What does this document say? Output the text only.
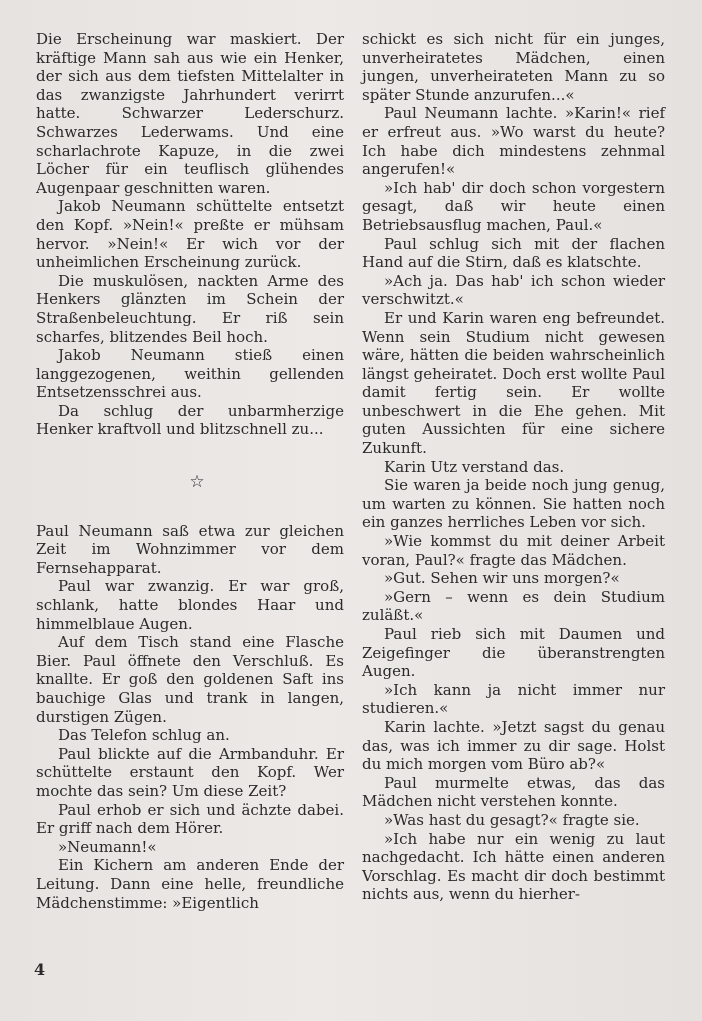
Die Erscheinung war maskiert. Der kräftige Mann sah aus wie ein Henker, der sich aus dem tiefsten Mittelalter in das zwanzigste Jahrhundert verirrt hatte. Schwarzer Lederschurz. Schwarzes Lederwams. Und eine scharlachrote Kapuze, in die zwei Löcher für ein teuflisch glühendes Augenpaar geschnitten waren.

Jakob Neumann schüttelte entsetzt den Kopf. »Nein!« preßte er mühsam hervor. »Nein!« Er wich vor der unheimlichen Erscheinung zurück.

Die muskulösen, nackten Arme des Henkers glänzten im Schein der Straßenbeleuchtung. Er riß sein scharfes, blitzendes Beil hoch.

Jakob Neumann stieß einen langgezogenen, weithin gellenden Entsetzensschrei aus.

Da schlug der unbarmherzige Henker kraftvoll und blitzschnell zu...

☆

Paul Neumann saß etwa zur gleichen Zeit im Wohnzimmer vor dem Fernsehapparat.

Paul war zwanzig. Er war groß, schlank, hatte blondes Haar und himmelblaue Augen.

Auf dem Tisch stand eine Flasche Bier. Paul öffnete den Verschluß. Es knallte. Er goß den goldenen Saft ins bauchige Glas und trank in langen, durstigen Zügen.

Das Telefon schlug an.

Paul blickte auf die Armbanduhr. Er schüttelte erstaunt den Kopf. Wer mochte das sein? Um diese Zeit?

Paul erhob er sich und ächzte dabei. Er griff nach dem Hörer.

»Neumann!«

Ein Kichern am anderen Ende der Leitung. Dann eine helle, freundliche Mädchenstimme: »Eigentlich

schickt es sich nicht für ein junges, unverheiratetes Mädchen, einen jungen, unverheirateten Mann zu so später Stunde anzurufen...«

Paul Neumann lachte. »Karin!« rief er erfreut aus. »Wo warst du heute? Ich habe dich mindestens zehnmal angerufen!«

»Ich hab' dir doch schon vorgestern gesagt, daß wir heute einen Betriebsausflug machen, Paul.«

Paul schlug sich mit der flachen Hand auf die Stirn, daß es klatschte.

»Ach ja. Das hab' ich schon wieder verschwitzt.«

Er und Karin waren eng befreundet. Wenn sein Studium nicht gewesen wäre, hätten die beiden wahrscheinlich längst geheiratet. Doch erst wollte Paul damit fertig sein. Er wollte unbeschwert in die Ehe gehen. Mit guten Aussichten für eine sichere Zukunft.

Karin Utz verstand das.

Sie waren ja beide noch jung genug, um warten zu können. Sie hatten noch ein ganzes herrliches Leben vor sich.

»Wie kommst du mit deiner Arbeit voran, Paul?« fragte das Mädchen.

»Gut. Sehen wir uns morgen?«

»Gern – wenn es dein Studium zuläßt.«

Paul rieb sich mit Daumen und Zeigefinger die überanstrengten Augen.

»Ich kann ja nicht immer nur studieren.«

Karin lachte. »Jetzt sagst du genau das, was ich immer zu dir sage. Holst du mich morgen vom Büro ab?«

Paul murmelte etwas, das das Mädchen nicht verstehen konnte.

»Was hast du gesagt?« fragte sie.

»Ich habe nur ein wenig zu laut nachgedacht. Ich hätte einen anderen Vorschlag. Es macht dir doch bestimmt nichts aus, wenn du hierher-

4
